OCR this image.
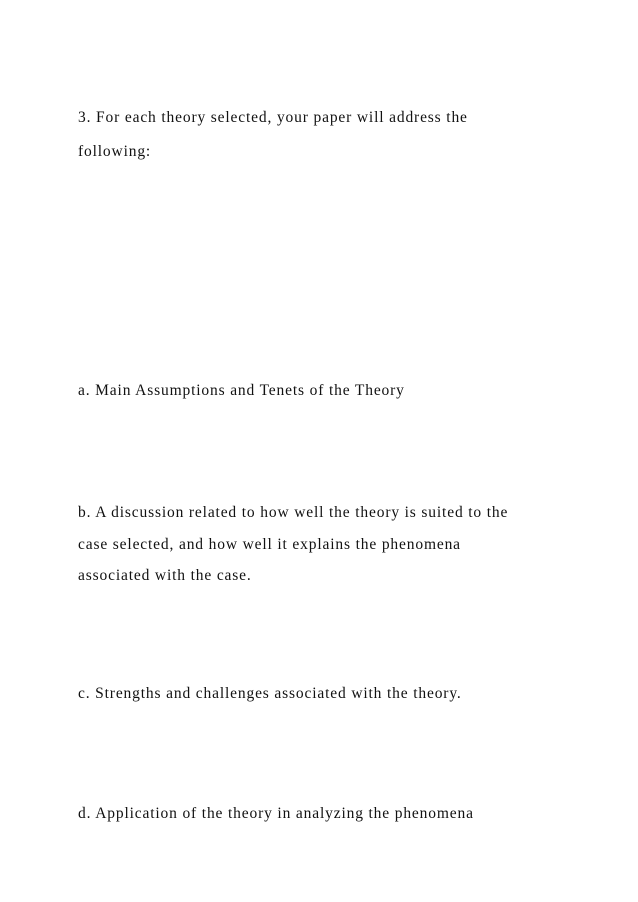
3. For each theory selected, your paper will address the

following:

a. Main Assumptions and Tenets of the Theory

b. A discussion related to how well the theory is suited to the

case selected, and how well it explains the phenomena

associated with the case.

c. Strengths and challenges associated with the theory.

d. Application of the theory in analyzing the phenomena
